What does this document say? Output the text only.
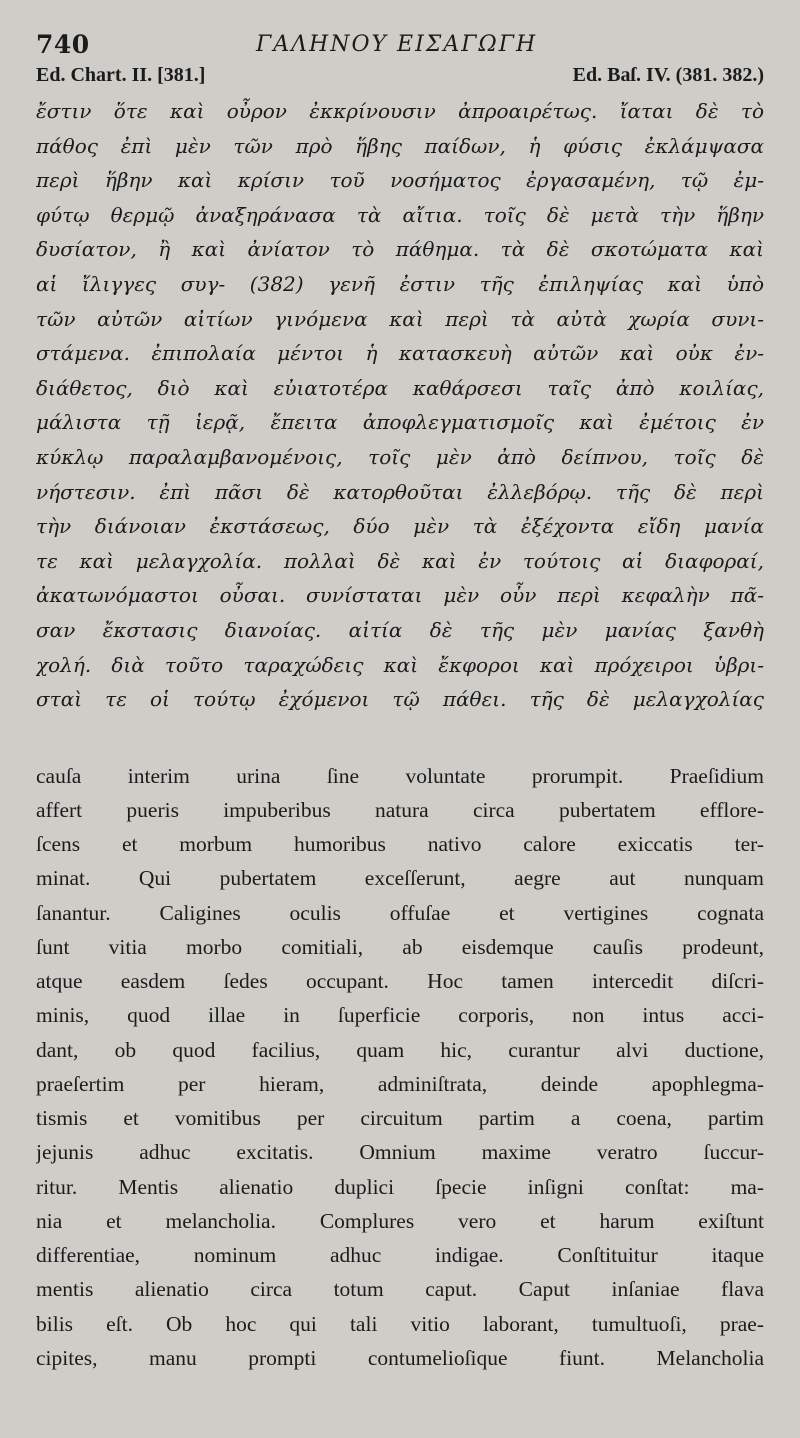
740	ΓΑΛΗΝΟΥ ΕΙΣΑΓΩΓΗ
Ed. Chart. II. [381.]	Ed. Baſ. IV. (381. 382.)
ἔστιν ὅτε καὶ οὖρον ἐκκρίνουσιν ἀπροαιρέτως. ἴαται δὲ τὸ
πάθος ἐπὶ μὲν τῶν πρὸ ἥβης παίδων, ἡ φύσις ἐκλάμψασα
περὶ ἥβην καὶ κρίσιν τοῦ νοσήματος ἐργασαμένη, τῷ ἐμ-
φύτῳ θερμῷ ἀναξηράνασα τὰ αἴτια. τοῖς δὲ μετὰ τὴν ἥβην
δυσίατον, ἢ καὶ ἀνίατον τὸ πάθημα. τὰ δὲ σκοτώματα καὶ
αἱ ἴλιγγες συγ- (382) γενῆ ἐστιν τῆς ἐπιληψίας καὶ ὑπὸ
τῶν αὐτῶν αἰτίων γινόμενα καὶ περὶ τὰ αὐτὰ χωρία συνι-
στάμενα. ἐπιπολαία μέντοι ἡ κατασκευὴ αὐτῶν καὶ οὐκ ἐν-
διάθετος, διὸ καὶ εὐιατοτέρα καθάρσεσι ταῖς ἀπὸ κοιλίας,
μάλιστα τῇ ἱερᾷ, ἔπειτα ἀποφλεγματισμοῖς καὶ ἐμέτοις ἐν
κύκλῳ παραλαμβανομένοις, τοῖς μὲν ἀπὸ δείπνου, τοῖς δὲ
νήστεσιν. ἐπὶ πᾶσι δὲ κατορθοῦται ἐλλεβόρῳ. τῆς δὲ περὶ
τὴν διάνοιαν ἐκστάσεως, δύο μὲν τὰ ἐξέχοντα εἴδη μανία
τε καὶ μελαγχολία. πολλαὶ δὲ καὶ ἐν τούτοις αἱ διαφοραί,
ἀκατωνόμαστοι οὖσαι. συνίσταται μὲν οὖν περὶ κεφαλὴν πᾶ-
σαν ἔκστασις διανοίας. αἰτία δὲ τῆς μὲν μανίας ξανθὴ
χολή. διὰ τοῦτο ταραχώδεις καὶ ἔκφοροι καὶ πρόχειροι ὑβρι-
σταὶ τε οἱ τούτῳ ἐχόμενοι τῷ πάθει. τῆς δὲ μελαγχολίας
cauſa interim urina ſine voluntate prorumpit. Praeſidium
affert pueris impuberibus natura circa pubertatem efflore-
ſcens et morbum humoribus nativo calore exiccatis ter-
minat. Qui pubertatem exceſſerunt, aegre aut nunquam
ſanantur. Caligines oculis offuſae et vertigines cognata
ſunt vitia morbo comitiali, ab eisdemque cauſis prodeunt,
atque easdem ſedes occupant. Hoc tamen intercedit diſcri-
minis, quod illae in ſuperficie corporis, non intus acci-
dant, ob quod facilius, quam hic, curantur alvi ductione,
praeſertim per hieram, adminiſtrata, deinde apophlegma-
tismis et vomitibus per circuitum partim a coena, partim
jejunis adhuc excitatis. Omnium maxime veratro ſuccur-
ritur. Mentis alienatio duplici ſpecie inſigni conſtat: ma-
nia et melancholia. Complures vero et harum exiſtunt
differentiae, nominum adhuc indigae. Conſtituitur itaque
mentis alienatio circa totum caput. Caput inſaniae flava
bilis eſt. Ob hoc qui tali vitio laborant, tumultuoſi, prae-
cipites, manu prompti contumelioſique fiunt. Melancholia
